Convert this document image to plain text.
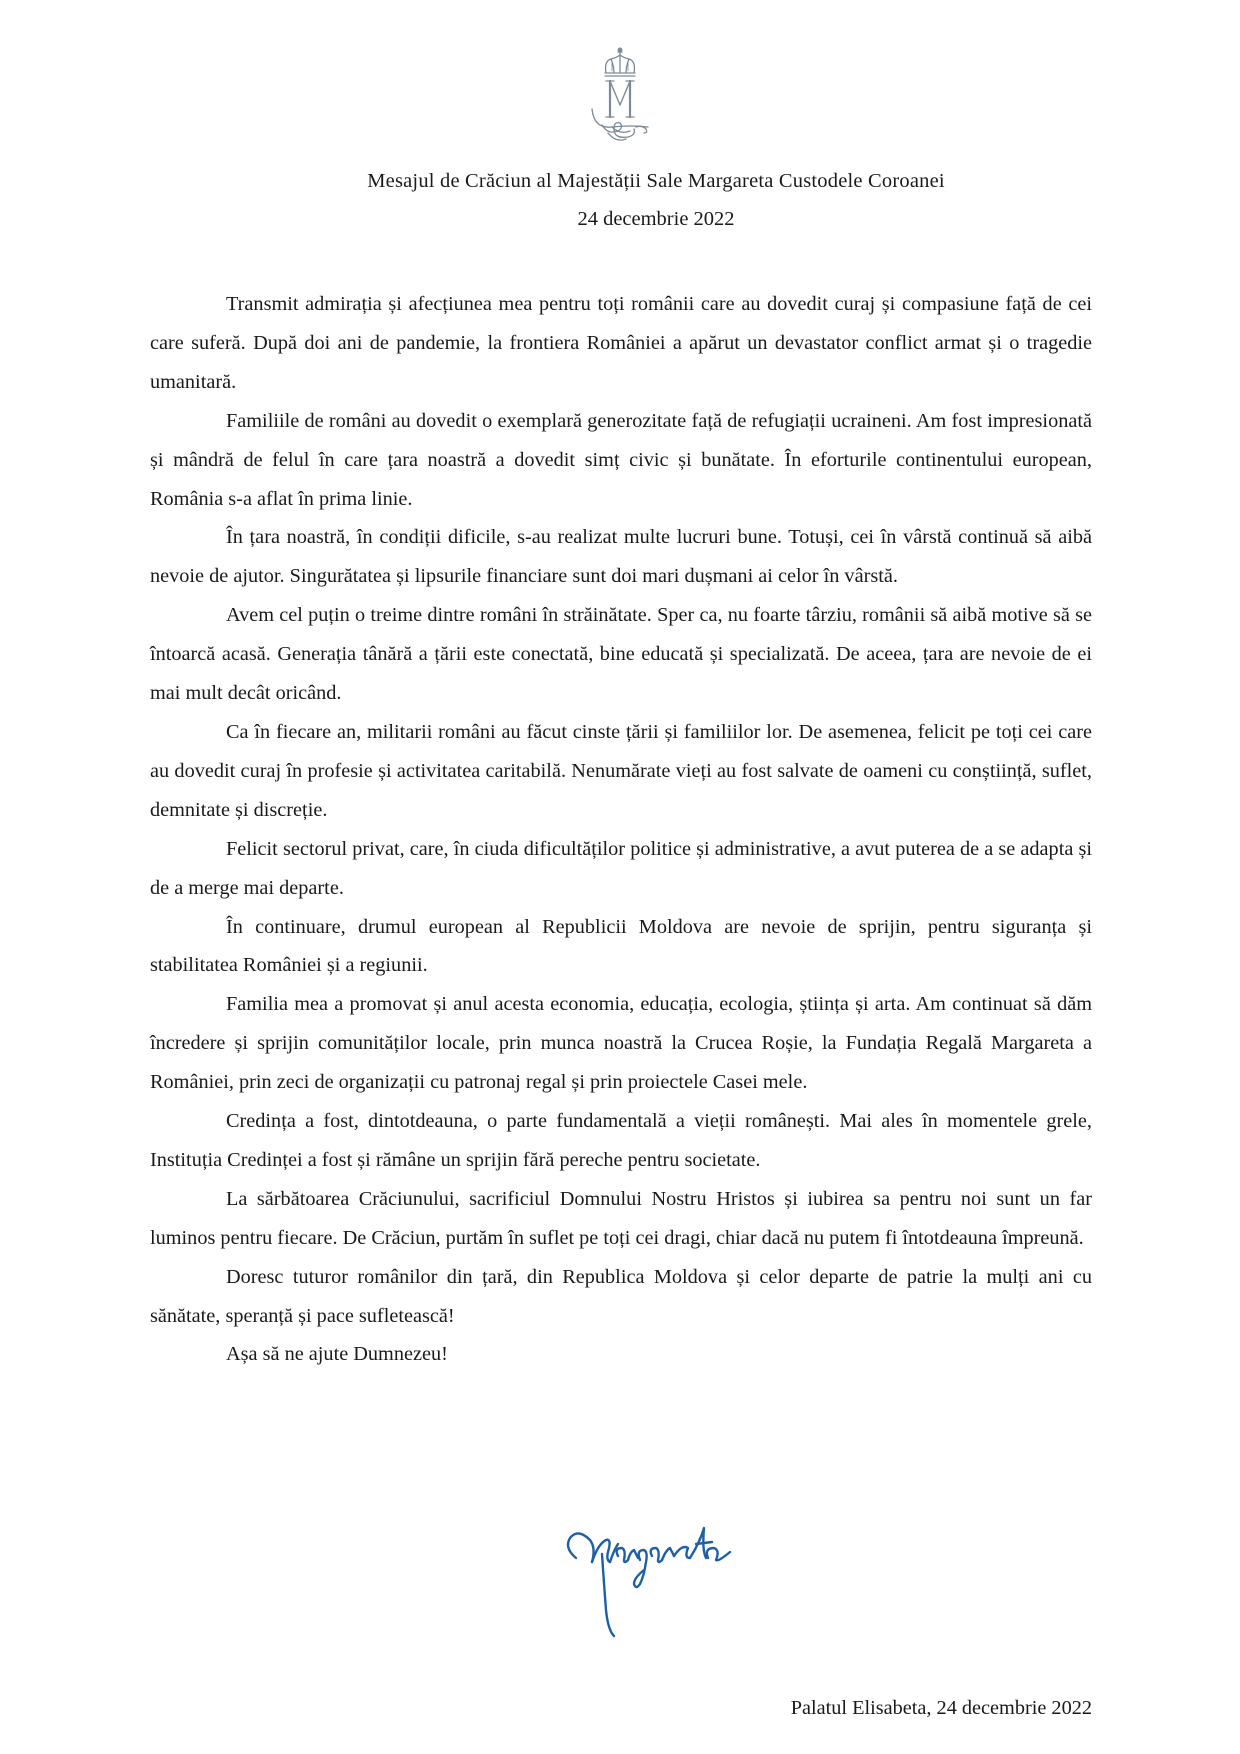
Mesajul de Crăciun al Majestății Sale Margareta Custodele Coroanei
24 decembrie 2022

Transmit admirația și afecțiunea mea pentru toți românii care au dovedit curaj și compasiune față de cei care suferă. După doi ani de pandemie, la frontiera României a apărut un devastator conflict armat și o tragedie umanitară.

Familiile de români au dovedit o exemplară generozitate față de refugiații ucraineni. Am fost impresionată și mândră de felul în care țara noastră a dovedit simț civic și bunătate. În eforturile continentului european, România s-a aflat în prima linie.

În țara noastră, în condiții dificile, s-au realizat multe lucruri bune. Totuși, cei în vârstă continuă să aibă nevoie de ajutor. Singurătatea și lipsurile financiare sunt doi mari dușmani ai celor în vârstă.

Avem cel puțin o treime dintre români în străinătate. Sper ca, nu foarte târziu, românii să aibă motive să se întoarcă acasă. Generația tânără a țării este conectată, bine educată și specializată. De aceea, țara are nevoie de ei mai mult decât oricând.

Ca în fiecare an, militarii români au făcut cinste țării și familiilor lor. De asemenea, felicit pe toți cei care au dovedit curaj în profesie și activitatea caritabilă. Nenumărate vieți au fost salvate de oameni cu conștiință, suflet, demnitate și discreție.

Felicit sectorul privat, care, în ciuda dificultăților politice și administrative, a avut puterea de a se adapta și de a merge mai departe.

În continuare, drumul european al Republicii Moldova are nevoie de sprijin, pentru siguranța și stabilitatea României și a regiunii.

Familia mea a promovat și anul acesta economia, educația, ecologia, știința și arta. Am continuat să dăm încredere și sprijin comunităților locale, prin munca noastră la Crucea Roșie, la Fundația Regală Margareta a României, prin zeci de organizații cu patronaj regal și prin proiectele Casei mele.

Credința a fost, dintotdeauna, o parte fundamentală a vieții românești. Mai ales în momentele grele, Instituția Credinței a fost și rămâne un sprijin fără pereche pentru societate.

La sărbătoarea Crăciunului, sacrificiul Domnului Nostru Hristos și iubirea sa pentru noi sunt un far luminos pentru fiecare. De Crăciun, purtăm în suflet pe toți cei dragi, chiar dacă nu putem fi întotdeauna împreună.

Doresc tuturor românilor din țară, din Republica Moldova și celor departe de patrie la mulți ani cu sănătate, speranță și pace sufletească!

Așa să ne ajute Dumnezeu!

Palatul Elisabeta, 24 decembrie 2022
